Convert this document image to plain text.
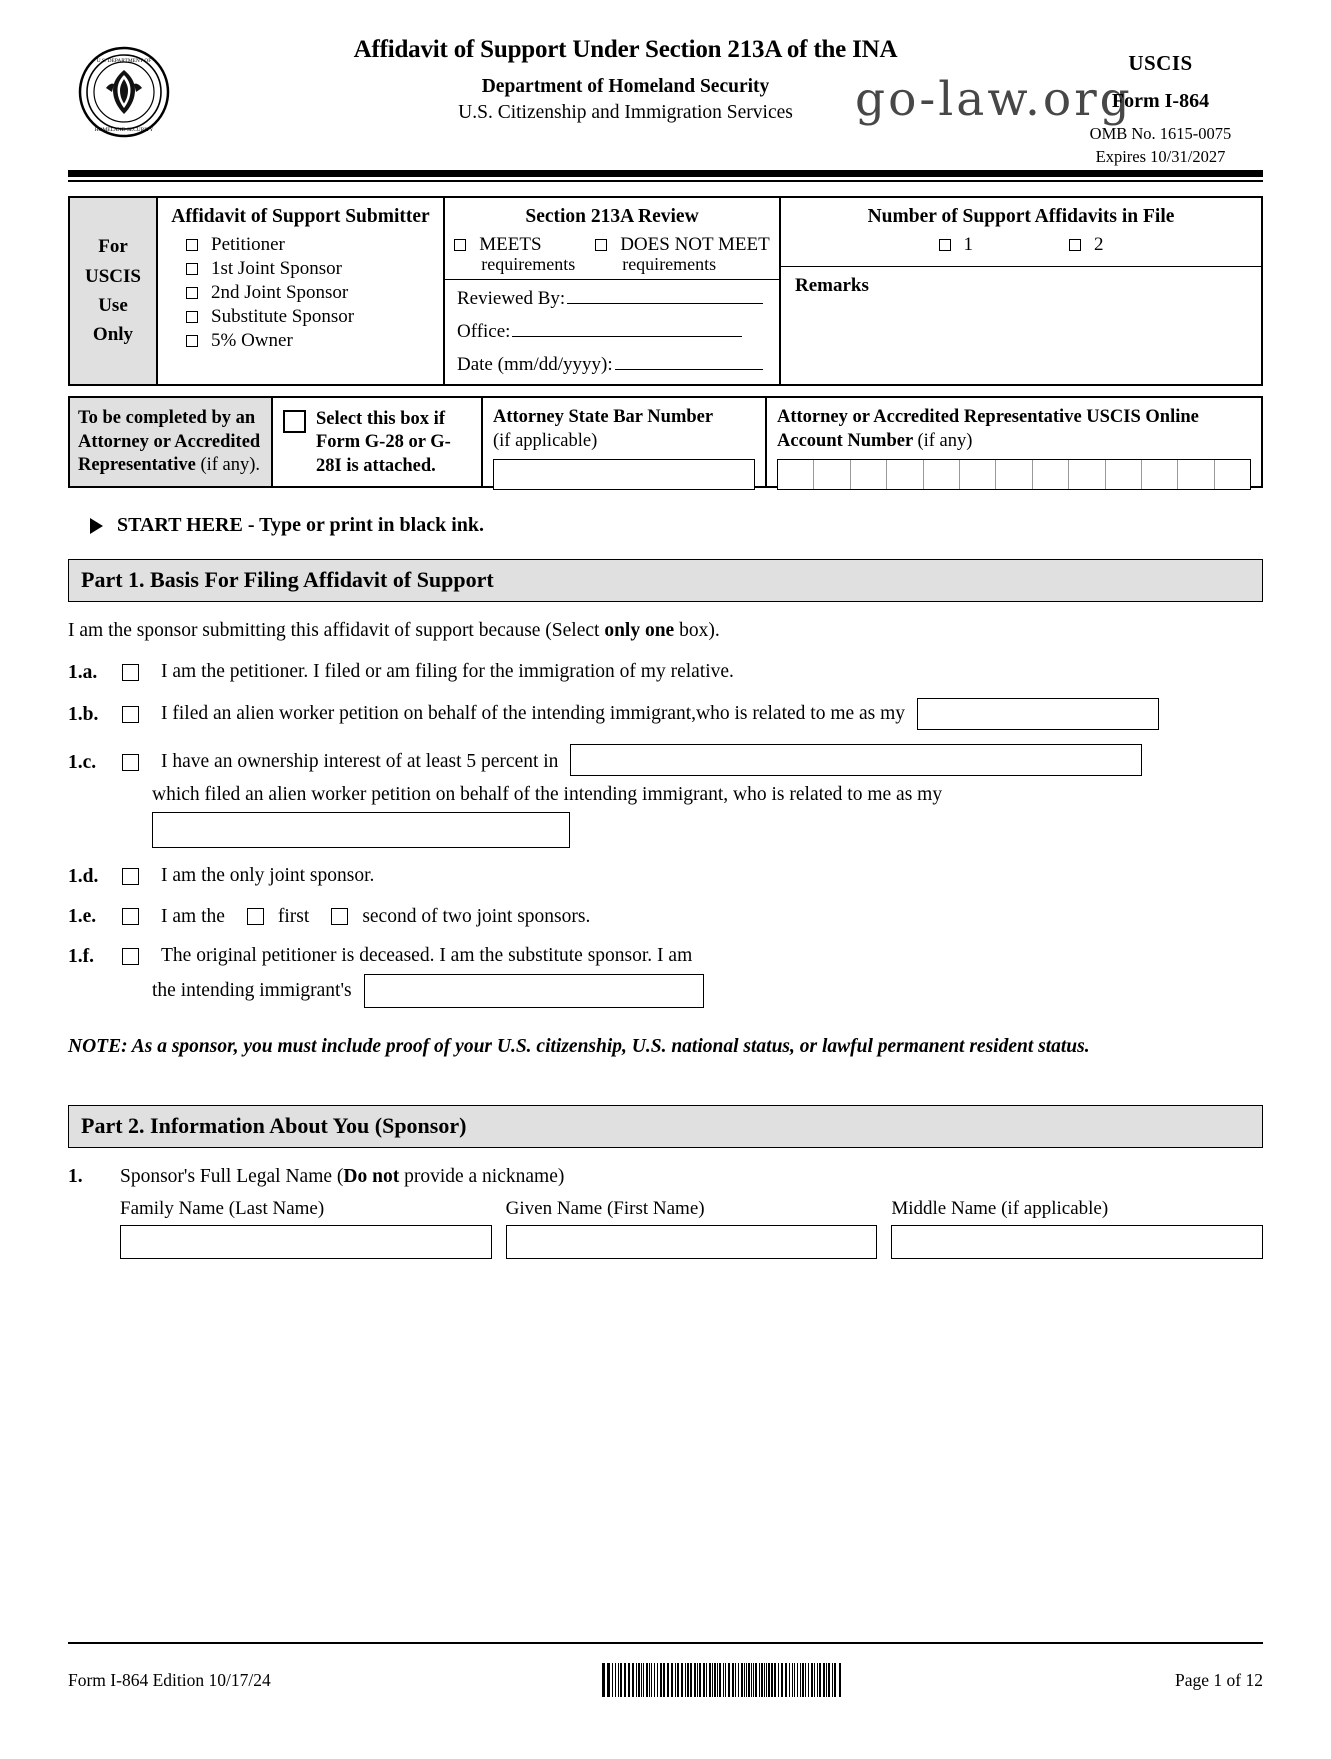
go-law.org
U.S. DEPARTMENT OF
HOMELAND SECURITY
Affidavit of Support Under Section 213A of the INA
Department of Homeland Security
U.S. Citizenship and Immigration Services
USCIS
Form I-864
OMB No. 1615-0075
Expires 10/31/2027
For
USCIS
Use
Only
Affidavit of Support Submitter
Petitioner
1st Joint Sponsor
2nd Joint Sponsor
Substitute Sponsor
5% Owner
Section 213A Review
MEETS
requirements
DOES NOT MEET
requirements
Reviewed By:
Office:
Date (mm/dd/yyyy):
Number of Support Affidavits in File
1	2
Remarks
To be completed by an Attorney or Accredited Representative (if any).
Select this box if Form G-28 or G-28I is attached.
Attorney State Bar Number
(if applicable)
Attorney or Accredited Representative USCIS Online Account Number (if any)
START HERE - Type or print in black ink.
Part 1. Basis For Filing Affidavit of Support
I am the sponsor submitting this affidavit of support because (Select only one box).
1.a.	I am the petitioner. I filed or am filing for the immigration of my relative.
1.b.	I filed an alien worker petition on behalf of the intending immigrant,who is related to me as my
1.c.	I have an ownership interest of at least 5 percent in
which filed an alien worker petition on behalf of the intending immigrant, who is related to me as my
1.d.	I am the only joint sponsor.
1.e.	I am the	first	second of two joint sponsors.
1.f.	The original petitioner is deceased. I am the substitute sponsor. I am
the intending immigrant's
NOTE: As a sponsor, you must include proof of your U.S. citizenship, U.S. national status, or lawful permanent resident status.
Part 2. Information About You (Sponsor)
1.	Sponsor's Full Legal Name (Do not provide a nickname)
Family Name (Last Name)	Given Name (First Name)	Middle Name (if applicable)
Form I-864 Edition 10/17/24	Page 1 of 12
